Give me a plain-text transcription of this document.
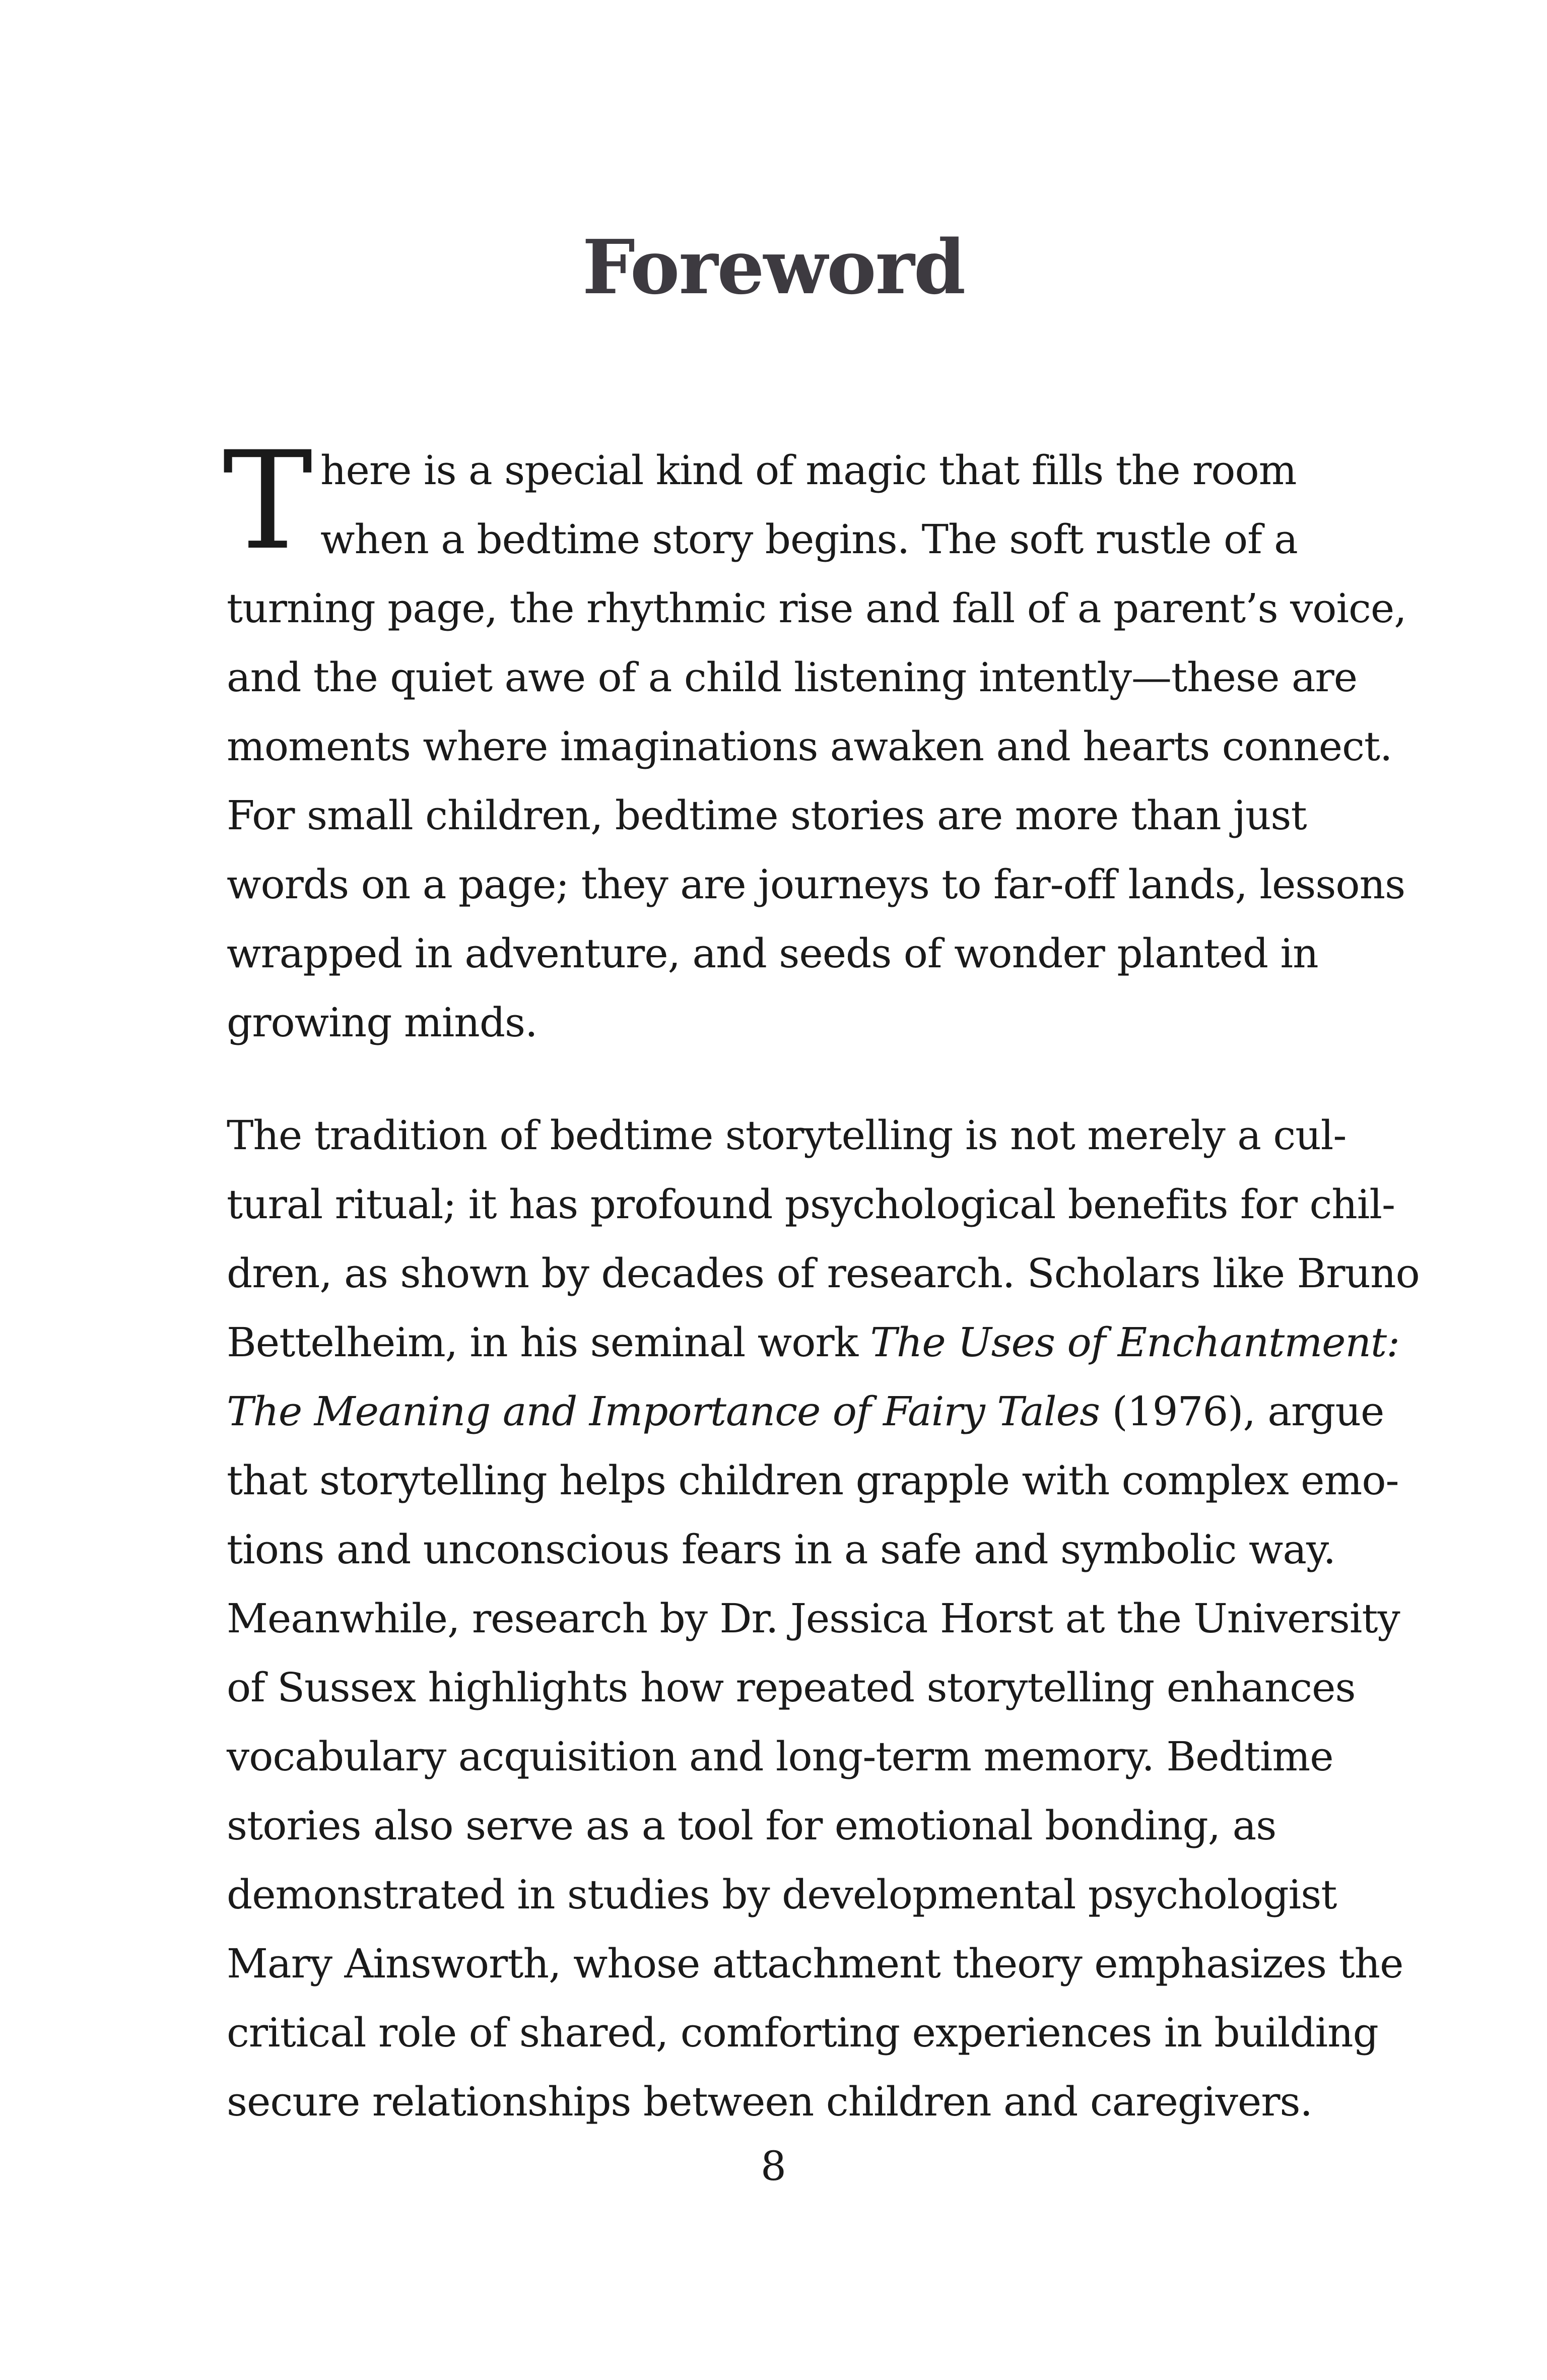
Foreword
T here is a special kind of magic that fills the room
when a bedtime story begins. The soft rustle of a
turning page, the rhythmic rise and fall of a parent’s voice,
and the quiet awe of a child listening intently—these are
moments where imaginations awaken and hearts connect.
For small children, bedtime stories are more than just
words on a page; they are journeys to far-off lands, lessons
wrapped in adventure, and seeds of wonder planted in
growing minds.
The tradition of bedtime storytelling is not merely a cul-
tural ritual; it has profound psychological benefits for chil-
dren, as shown by decades of research. Scholars like Bruno
Bettelheim, in his seminal work The Uses of Enchantment:
The Meaning and Importance of Fairy Tales (1976), argue
that storytelling helps children grapple with complex emo-
tions and unconscious fears in a safe and symbolic way.
Meanwhile, research by Dr. Jessica Horst at the University
of Sussex highlights how repeated storytelling enhances
vocabulary acquisition and long-term memory. Bedtime
stories also serve as a tool for emotional bonding, as
demonstrated in studies by developmental psychologist
Mary Ainsworth, whose attachment theory emphasizes the
critical role of shared, comforting experiences in building
secure relationships between children and caregivers.
8
